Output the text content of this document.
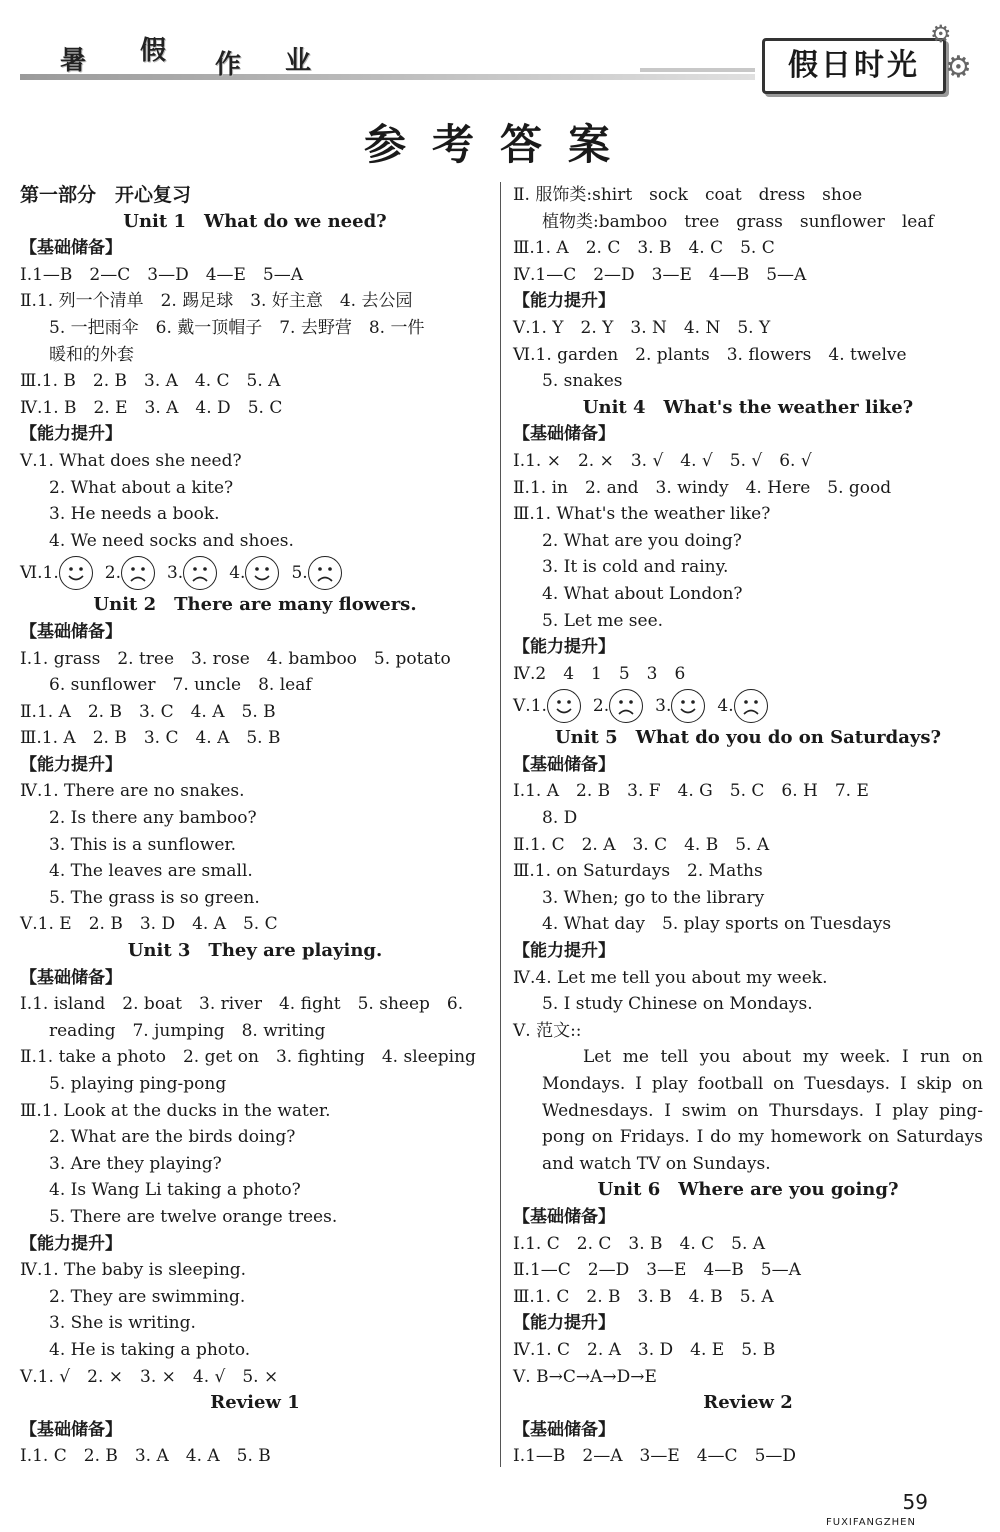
暑 假 作 业	假日时光
⚙
⚙
参考答案
第一部分　开心复习
Unit 1　What do we need?
【基础储备】
Ⅰ.1—B　2—C　3—D　4—E　5—A
Ⅱ.1. 列一个清单　2. 踢足球　3. 好主意　4. 去公园
5. 一把雨伞　6. 戴一顶帽子　7. 去野营　8. 一件
暖和的外套
Ⅲ.1. B　2. B　3. A　4. C　5. A
Ⅳ.1. B　2. E　3. A　4. D　5. C
【能力提升】
Ⅴ.1. What does she need?
2. What about a kite?
3. He needs a book.
4. We need socks and shoes.
Ⅵ. 1.	2.	3.	4.	5.
Unit 2　There are many flowers.
【基础储备】
Ⅰ.1. grass　2. tree　3. rose　4. bamboo　5. potato
6. sunflower　7. uncle　8. leaf
Ⅱ.1. A　2. B　3. C　4. A　5. B
Ⅲ.1. A　2. B　3. C　4. A　5. B
【能力提升】
Ⅳ.1. There are no snakes.
2. Is there any bamboo?
3. This is a sunflower.
4. The leaves are small.
5. The grass is so green.
Ⅴ.1. E　2. B　3. D　4. A　5. C
Unit 3　They are playing.
【基础储备】
Ⅰ.1. island　2. boat　3. river　4. fight　5. sheep　6.
reading　7. jumping　8. writing
Ⅱ.1. take a photo　2. get on　3. fighting　4. sleeping
5. playing ping-pong
Ⅲ.1. Look at the ducks in the water.
2. What are the birds doing?
3. Are they playing?
4. Is Wang Li taking a photo?
5. There are twelve orange trees.
【能力提升】
Ⅳ.1. The baby is sleeping.
2. They are swimming.
3. She is writing.
4. He is taking a photo.
Ⅴ.1. √　2. ×　3. ×　4. √　5. ×
Review 1
【基础储备】
Ⅰ.1. C　2. B　3. A　4. A　5. B
Ⅱ. 服饰类:shirt　sock　coat　dress　shoe
植物类:bamboo　tree　grass　sunflower　leaf
Ⅲ.1. A　2. C　3. B　4. C　5. C
Ⅳ.1—C　2—D　3—E　4—B　5—A
【能力提升】
Ⅴ.1. Y　2. Y　3. N　4. N　5. Y
Ⅵ.1. garden　2. plants　3. flowers　4. twelve
5. snakes
Unit 4　What's the weather like?
【基础储备】
Ⅰ.1. ×　2. ×　3. √　4. √　5. √　6. √
Ⅱ.1. in　2. and　3. windy　4. Here　5. good
Ⅲ.1. What's the weather like?
2. What are you doing?
3. It is cold and rainy.
4. What about London?
5. Let me see.
【能力提升】
Ⅳ.2　4　1　5　3　6
Ⅴ. 1.	2.	3.	4.
Unit 5　What do you do on Saturdays?
【基础储备】
Ⅰ.1. A　2. B　3. F　4. G　5. C　6. H　7. E
8. D
Ⅱ.1. C　2. A　3. C　4. B　5. A
Ⅲ.1. on Saturdays　2. Maths
3. When; go to the library
4. What day　5. play sports on Tuesdays
【能力提升】
Ⅳ.4. Let me tell you about my week.
5. I study Chinese on Mondays.
Ⅴ. 范文::
Let me tell you about my week. I run on Mondays. I play football on Tuesdays. I skip on Wednesdays. I swim on Thursdays. I play ping-pong on Fridays. I do my homework on Saturdays and watch TV on Sundays.
Unit 6　Where are you going?
【基础储备】
Ⅰ.1. C　2. C　3. B　4. C　5. A
Ⅱ.1—C　2—D　3—E　4—B　5—A
Ⅲ.1. C　2. B　3. B　4. B　5. A
【能力提升】
Ⅳ.1. C　2. A　3. D　4. E　5. B
Ⅴ. B→C→A→D→E
Review 2
【基础储备】
Ⅰ.1—B　2—A　3—E　4—C　5—D
59
FUXIFANGZHEN
